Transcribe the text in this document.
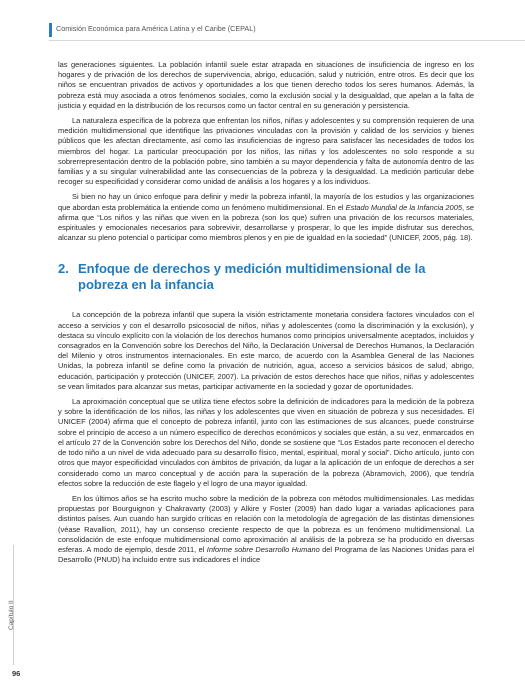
Comisión Económica para América Latina y el Caribe (CEPAL)

las generaciones siguientes. La población infantil suele estar atrapada en situaciones de insuficiencia de ingreso en los hogares y de privación de los derechos de supervivencia, abrigo, educación, salud y nutrición, entre otros. Es decir que los niños se encuentran privados de activos y oportunidades a los que tienen derecho todos los seres humanos. Además, la pobreza está muy asociada a otros fenómenos sociales, como la exclusión social y la desigualdad, que apelan a la falta de justicia y equidad en la distribución de los recursos como un factor central en su generación y persistencia.

La naturaleza específica de la pobreza que enfrentan los niños, niñas y adolescentes y su comprensión requieren de una medición multidimensional que identifique las privaciones vinculadas con la provisión y calidad de los servicios y bienes públicos que les afectan directamente, así como las insuficiencias de ingreso para satisfacer las necesidades de todos los miembros del hogar. La particular preocupación por los niños, las niñas y los adolescentes no solo responde a su sobrerrepresentación dentro de la población pobre, sino también a su mayor dependencia y falta de autonomía dentro de las familias y a su singular vulnerabilidad ante las consecuencias de la pobreza y la desigualdad. La medición particular debe recoger su especificidad y considerar como unidad de análisis a los hogares y a los individuos.

Si bien no hay un único enfoque para definir y medir la pobreza infantil, la mayoría de los estudios y las organizaciones que abordan esta problemática la entiende como un fenómeno multidimensional. En el Estado Mundial de la Infancia 2005, se afirma que “Los niños y las niñas que viven en la pobreza (son los que) sufren una privación de los recursos materiales, espirituales y emocionales necesarios para sobrevivir, desarrollarse y prosperar, lo que les impide disfrutar sus derechos, alcanzar su pleno potencial o participar como miembros plenos y en pie de igualdad en la sociedad” (UNICEF, 2005, pág. 18).

2. Enfoque de derechos y medición multidimensional de la pobreza en la infancia

La concepción de la pobreza infantil que supera la visión estrictamente monetaria considera factores vinculados con el acceso a servicios y con el desarrollo psicosocial de niños, niñas y adolescentes (como la discriminación y la exclusión), y destaca su vínculo explícito con la violación de los derechos humanos como principios universalmente aceptados, incluidos y consagrados en la Convención sobre los Derechos del Niño, la Declaración Universal de Derechos Humanos, la Declaración del Milenio y otros instrumentos internacionales. En este marco, de acuerdo con la Asamblea General de las Naciones Unidas, la pobreza infantil se define como la privación de nutrición, agua, acceso a servicios básicos de salud, abrigo, educación, participación y protección (UNICEF, 2007). La privación de estos derechos hace que niños, niñas y adolescentes se vean limitados para alcanzar sus metas, participar activamente en la sociedad y gozar de oportunidades.

La aproximación conceptual que se utiliza tiene efectos sobre la definición de indicadores para la medición de la pobreza y sobre la identificación de los niños, las niñas y los adolescentes que viven en situación de pobreza y sus necesidades. El UNICEF (2004) afirma que el concepto de pobreza infantil, junto con las estimaciones de sus alcances, puede construirse sobre el principio de acceso a un número específico de derechos económicos y sociales que están, a su vez, enmarcados en el artículo 27 de la Convención sobre los Derechos del Niño, donde se sostiene que “Los Estados parte reconocen el derecho de todo niño a un nivel de vida adecuado para su desarrollo físico, mental, espiritual, moral y social”. Dicho artículo, junto con otros que mayor especificidad vinculados con ámbitos de privación, da lugar a la aplicación de un enfoque de derechos a ser considerado como un marco conceptual y de acción para la superación de la pobreza (Abramovich, 2006), que tendría efectos sobre la reducción de este flagelo y el logro de una mayor igualdad.

En los últimos años se ha escrito mucho sobre la medición de la pobreza con métodos multidimensionales. Las medidas propuestas por Bourguignon y Chakravarty (2003) y Alkire y Foster (2009) han dado lugar a variadas aplicaciones para distintos países. Aun cuando han surgido críticas en relación con la metodología de agregación de las distintas dimensiones (véase Ravallion, 2011), hay un consenso creciente respecto de que la pobreza es un fenómeno multidimensional. La consolidación de este enfoque multidimensional como aproximación al análisis de la pobreza se ha producido en diversas esferas. A modo de ejemplo, desde 2011, el Informe sobre Desarrollo Humano del Programa de las Naciones Unidas para el Desarrollo (PNUD) ha incluido entre sus indicadores el índice

Capítulo II
96
